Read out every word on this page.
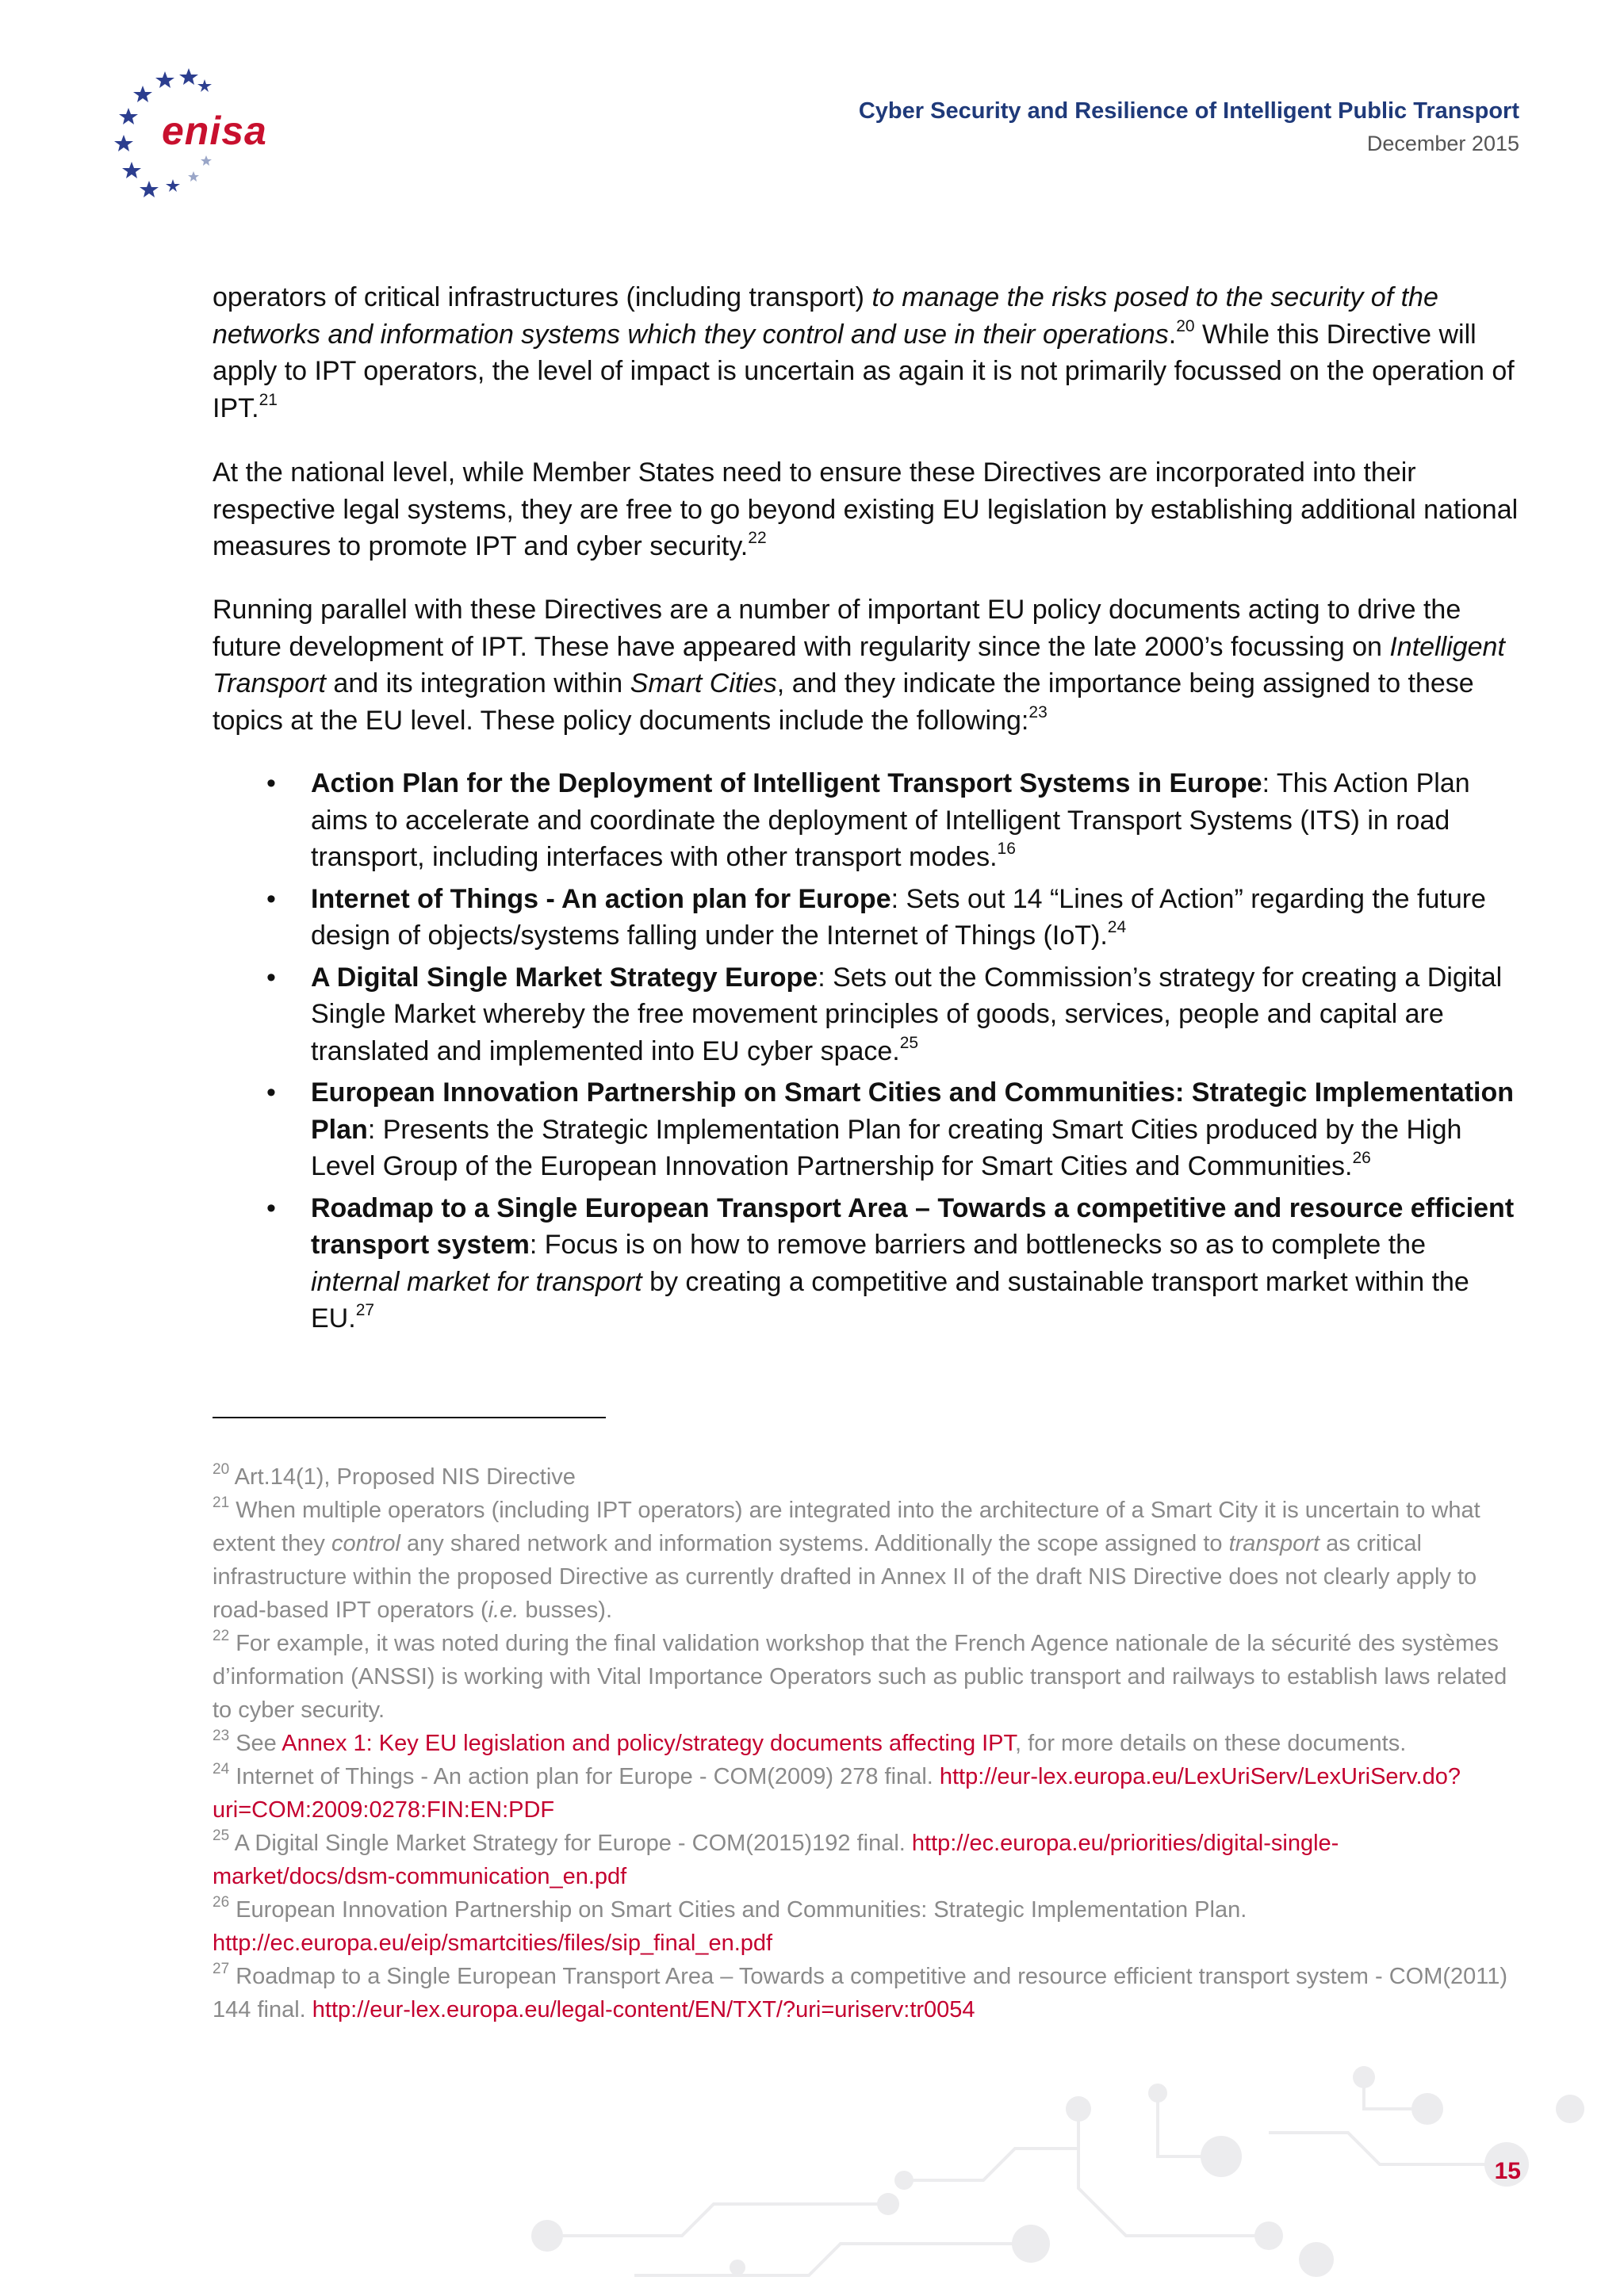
enisa	Cyber Security and Resilience of Intelligent Public Transport
December 2015

operators of critical infrastructures (including transport) to manage the risks posed to the security of the networks and information systems which they control and use in their operations.$^{20}$ While this Directive will apply to IPT operators, the level of impact is uncertain as again it is not primarily focussed on the operation of IPT.$^{21}$

At the national level, while Member States need to ensure these Directives are incorporated into their respective legal systems, they are free to go beyond existing EU legislation by establishing additional national measures to promote IPT and cyber security.$^{22}$

Running parallel with these Directives are a number of important EU policy documents acting to drive the future development of IPT. These have appeared with regularity since the late 2000’s focussing on Intelligent Transport and its integration within Smart Cities, and they indicate the importance being assigned to these topics at the EU level. These policy documents include the following:$^{23}$

• Action Plan for the Deployment of Intelligent Transport Systems in Europe: This Action Plan aims to accelerate and coordinate the deployment of Intelligent Transport Systems (ITS) in road transport, including interfaces with other transport modes.$^{16}$
• Internet of Things - An action plan for Europe: Sets out 14 “Lines of Action” regarding the future design of objects/systems falling under the Internet of Things (IoT).$^{24}$
• A Digital Single Market Strategy Europe: Sets out the Commission’s strategy for creating a Digital Single Market whereby the free movement principles of goods, services, people and capital are translated and implemented into EU cyber space.$^{25}$
• European Innovation Partnership on Smart Cities and Communities: Strategic Implementation Plan: Presents the Strategic Implementation Plan for creating Smart Cities produced by the High Level Group of the European Innovation Partnership for Smart Cities and Communities.$^{26}$
• Roadmap to a Single European Transport Area – Towards a competitive and resource efficient transport system: Focus is on how to remove barriers and bottlenecks so as to complete the internal market for transport by creating a competitive and sustainable transport market within the EU.$^{27}$

$^{20}$ Art.14(1), Proposed NIS Directive

$^{21}$ When multiple operators (including IPT operators) are integrated into the architecture of a Smart City it is uncertain to what extent they control any shared network and information systems. Additionally the scope assigned to transport as critical infrastructure within the proposed Directive as currently drafted in Annex II of the draft NIS Directive does not clearly apply to road-based IPT operators (i.e. busses).

$^{22}$ For example, it was noted during the final validation workshop that the French Agence nationale de la sécurité des systèmes d’information (ANSSI) is working with Vital Importance Operators such as public transport and railways to establish laws related to cyber security.

$^{23}$ See Annex 1: Key EU legislation and policy/strategy documents affecting IPT, for more details on these documents.

$^{24}$ Internet of Things - An action plan for Europe - COM(2009) 278 final. http://eur-lex.europa.eu/LexUriServ/LexUriServ.do?uri=COM:2009:0278:FIN:EN:PDF

$^{25}$ A Digital Single Market Strategy for Europe - COM(2015)192 final. http://ec.europa.eu/priorities/digital-single-market/docs/dsm-communication_en.pdf

$^{26}$ European Innovation Partnership on Smart Cities and Communities: Strategic Implementation Plan. http://ec.europa.eu/eip/smartcities/files/sip_final_en.pdf

$^{27}$ Roadmap to a Single European Transport Area – Towards a competitive and resource efficient transport system - COM(2011) 144 final. http://eur-lex.europa.eu/legal-content/EN/TXT/?uri=uriserv:tr0054

15
